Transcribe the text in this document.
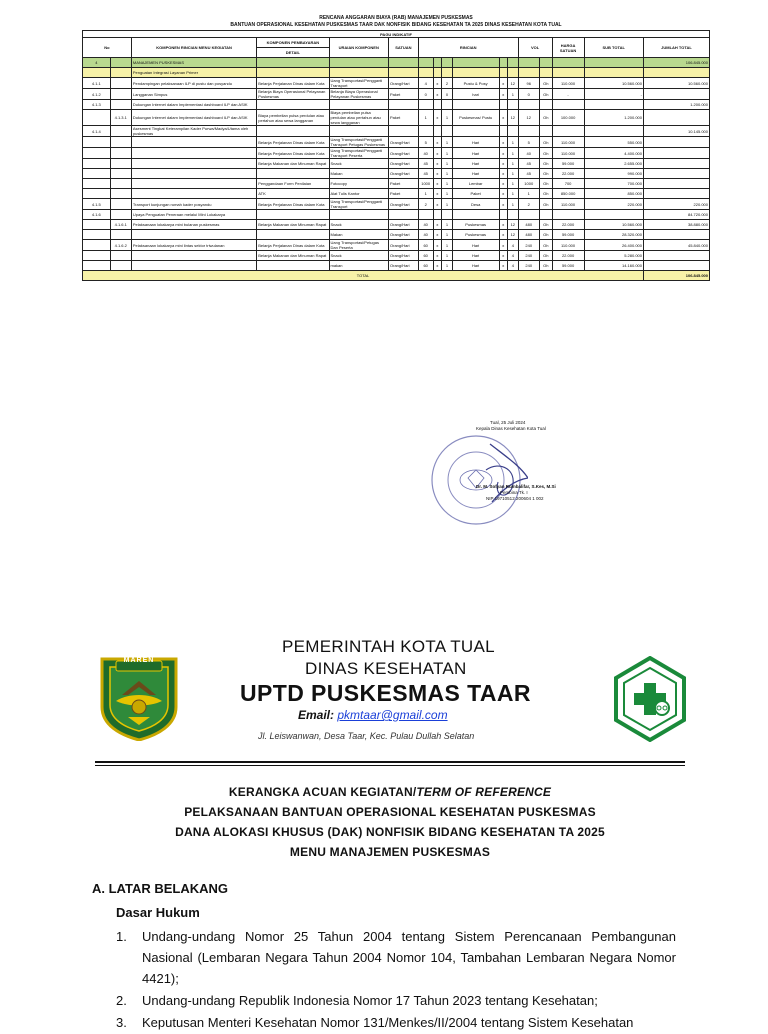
RENCANA ANGGARAN BIAYA (RAB) MANAJEMEN PUSKESMAS
BANTUAN OPERASIONAL KESEHATAN PUSKESMAS TAAR DAK NONFISIK BIDANG KESEHATAN TA 2025 DINAS KESEHATAN KOTA TUAL
PAGU INDIKATIF																
No		KOMPONEN RINCIAN MENU KEGIATAN	KOMPONEN PEMBAYARAN	URAIAN KOMPONEN	SATUAN	RINCIAN						VOL		HARGA SATUAN	SUB TOTAL	JUMLAH TOTAL
			DETAIL													
4		MANAJEMEN PUSKESMAS														106.845.000
		Penguatan Integrasi Layanan Primer														
4.1.1		Pendampingan pelaksanaan ILP di pustu dan posyandu	Belanja Perjalanan Dinas dalam Kota	Uang Transportasi/Pengganti Transport	Orang/Hari	4	x	2	Pustu & Posy	x	12	96	Oh	110.000	10.560.000	10.560.000
4.1.2		Langganan Simpus	Belanja Biaya Operasional Pelayanan Puskesmas	Belanja Biaya Operasional Pelayanan Puskesmas	Paket	0	x	0	hari	x	1	0	Oh	-	-	
4.1.3		Dukungan Internet dalam Implementasi dashboard ILP dan ASIK														1.200.000
	4.1.3.1	Dukungan Internet dalam Implementasi dashboard ILP dan ASIK	Biaya pembelian pulsa perdulan atau pertahun atau sewa langganan	Biaya pembelian pulsa perdulan atau pertahun atau sewa langganan	Paket	1	x	1	Puskesmas/ Pustu	x	12	12	Oh	100.000	1.200.000	
4.1.4		Asesment Tingkat Keterampilan Kader Purwa/Madya/Utama oleh puskesmas														10.145.000
			Belanja Perjalanan Dinas dalam Kota	Uang Transportasi/Pengganti Transport Petugas Puskesmas	Orang/Hari	5	x	1	Hari	x	1	5	Oh	110.000	550.000	
			Belanja Perjalanan Dinas dalam Kota	Uang Transportasi/Pengganti Transport Peserta	Orang/Hari	40	x	1	Hari	x	1	40	Oh	110.000	4.400.000	
			Belanja Makanan dan Minuman Rapat	Snack	Orang/Hari	45	x	1	Hari	x	1	45	Oh	59.000	2.655.000	
				Makan	Orang/Hari	45	x	1	Hari	x	1	45	Oh	22.000	990.000	
			Penggandaan Form Penilaian	Fotocopy	Paket	1000	x	1	Lembar	x	1	1000	Oh	700	700.000	
			ATK	Alat Tulis Kantor	Paket	1	x	1	Paket	x	1	1	Oh	850.000	850.000	
4.1.5		Transport kunjungan rumah kader posyandu	Belanja Perjalanan Dinas dalam Kota	Uang Transportasi/Pengganti Transport	Orang/Hari	2	x	1	Desa	x	1	2	Oh	110.000	220.000	220.000
4.1.6		Upaya Penguatan Peneraan melalui Mini Lokakarya														84.720.000
	4.1.6.1	Pelaksanaan lokakarya mini bulanan puskesmas	Belanja Makanan dan Minuman Rapat	Snack	Orang/Hari	40	x	1	Puskesmas	x	12	480	Oh	22.000	10.560.000	38.880.000
				Makan	Orang/Hari	40	x	1	Puskesmas	x	12	480	Oh	59.000	28.320.000	
	4.1.6.2	Pelaksanaan lokakarya mini lintas sektor triwulanan	Belanja Perjalanan Dinas dalam Kota	Uang Transportasi/Petugas Dan Peserta	Orang/Hari	60	x	1	Hari	x	4	240	Oh	110.000	26.400.000	45.840.000
			Belanja Makanan dan Minuman Rapat	Snack	Orang/Hari	60	x	1	Hari	x	4	240	Oh	22.000	5.280.000	
				makan	Orang/Hari	60	x	1	Hari	x	4	240	Oh	59.000	14.160.000	
TOTAL																106.845.000
Tual, 25 Juli 2024
Kepala Dinas Kesehatan Kota Tual
Dr. M. Sofyan Rumbalifar, S.Kes, M.Si
Pembina Tk. I
NIP 19710512 200604 1 002
MAREN
PEMERINTAH KOTA TUAL
DINAS KESEHATAN
UPTD PUSKESMAS TAAR
Email: pkmtaar@gmail.com
Jl. Leiswanwan, Desa Taar, Kec. Pulau Dullah Selatan
KERANGKA ACUAN KEGIATAN/TERM OF REFERENCE
PELAKSANAAN BANTUAN OPERASIONAL KESEHATAN PUSKESMAS
DANA ALOKASI KHUSUS (DAK) NONFISIK BIDANG KESEHATAN TA 2025
MENU MANAJEMEN PUSKESMAS
A. LATAR BELAKANG
Dasar Hukum
1. Undang-undang Nomor 25 Tahun 2004 tentang Sistem Perencanaan Pembangunan Nasional (Lembaran Negara Tahun 2004 Nomor 104, Tambahan Lembaran Negara Nomor 4421);
2. Undang-undang Republik Indonesia Nomor 17 Tahun 2023 tentang Kesehatan;
3. Keputusan Menteri Kesehatan Nomor 131/Menkes/II/2004 tentang Sistem Kesehatan
